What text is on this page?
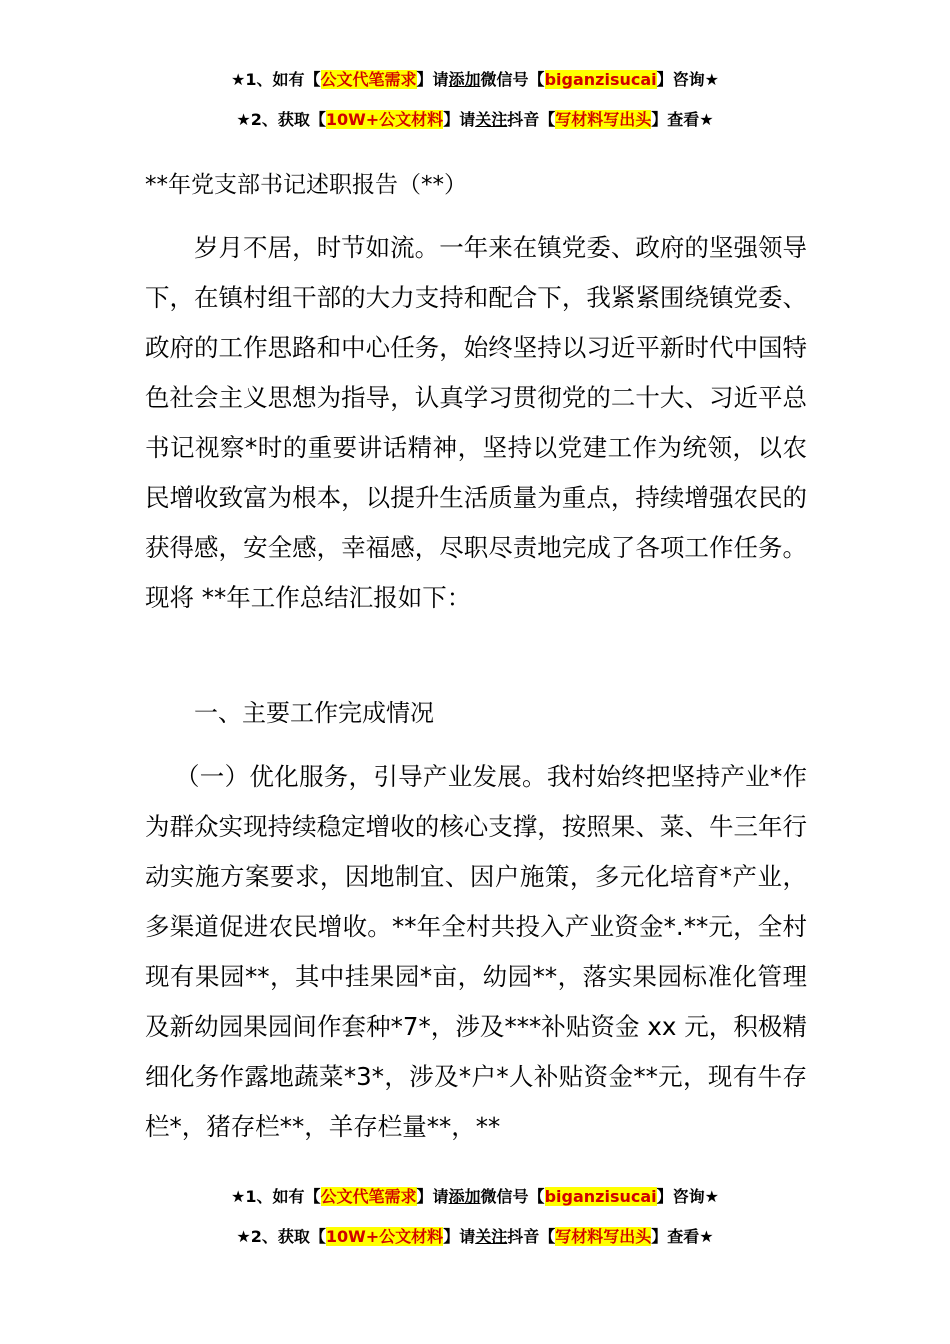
★1、如有【公文代笔需求】请添加微信号【biganzisucai】咨询★
★2、获取【10W+公文材料】请关注抖音【写材料写出头】查看★
**年党支部书记述职报告（**）

岁月不居，时节如流。一年来在镇党委、政府的坚强领导下，在镇村组干部的大力支持和配合下，我紧紧围绕镇党委、政府的工作思路和中心任务，始终坚持以习近平新时代中国特色社会主义思想为指导，认真学习贯彻党的二十大、习近平总书记视察*时的重要讲话精神，坚持以党建工作为统领，以农民增收致富为根本，以提升生活质量为重点，持续增强农民的获得感，安全感，幸福感，尽职尽责地完成了各项工作任务。现将 **年工作总结汇报如下：

一、主要工作完成情况

（一）优化服务，引导产业发展。我村始终把坚持产业*作为群众实现持续稳定增收的核心支撑，按照果、菜、牛三年行动实施方案要求，因地制宜、因户施策，多元化培育*产业，多渠道促进农民增收。**年全村共投入产业资金*.**元，全村现有果园**，其中挂果园*亩，幼园**，落实果园标准化管理及新幼园果园间作套种*7*，涉及***补贴资金 xx 元，积极精细化务作露地蔬菜*3*，涉及*户*人补贴资金**元，现有牛存栏*，猪存栏**，羊存栏量**，**

★1、如有【公文代笔需求】请添加微信号【biganzisucai】咨询★
★2、获取【10W+公文材料】请关注抖音【写材料写出头】查看★
